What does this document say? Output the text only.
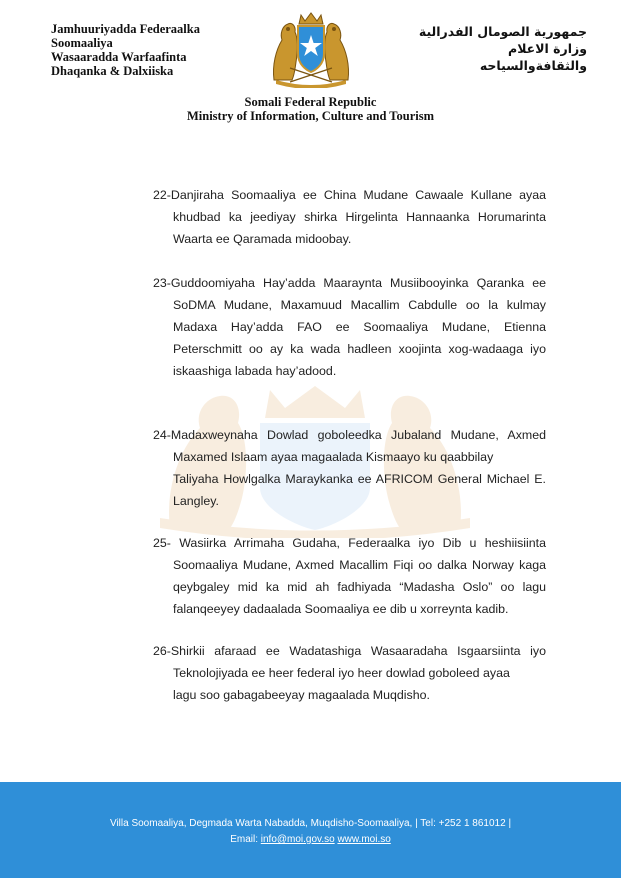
Jamhuuriyadda Federaalka
Soomaaliya
Wasaaradda Warfaafinta
Dhaqanka & Dalxiiska
جمهورية الصومال الفدرالية
وزارة الاعلام
والثقافةوالسياحه
Somali Federal Republic
Ministry of Information, Culture and Tourism
22-Danjiraha Soomaaliya ee China Mudane Cawaale Kullane ayaa
khudbad ka jeediyay shirka Hirgelinta Hannaanka Horumarinta
Waarta ee Qaramada midoobay.
23-Guddoomiyaha Hay’adda Maaraynta Musiibooyinka Qaranka ee
SoDMA Mudane, Maxamuud Macallim Cabdulle oo la kulmay
Madaxa Hay’adda FAO ee Soomaaliya Mudane, Etienna
Peterschmitt oo ay ka wada hadleen xoojinta xog-wadaaga iyo
iskaashiga labada hay’adood.
24-Madaxweynaha Dowlad goboleedka Jubaland Mudane, Axmed
Maxamed Islaam ayaa magaalada Kismaayo ku qaabbilay
Taliyaha Howlgalka Maraykanka ee AFRICOM General Michael E.
Langley.
25- Wasiirka Arrimaha Gudaha, Federaalka iyo Dib u heshiisiinta
Soomaaliya Mudane, Axmed Macallim Fiqi oo dalka Norway kaga
qeybgaley mid ka mid ah fadhiyada “Madasha Oslo” oo lagu
falanqeeyey dadaalada Soomaaliya ee dib u xorreynta kadib.
26-Shirkii afaraad ee Wadatashiga Wasaaradaha Isgaarsiinta iyo
Teknolojiyada ee heer federal iyo heer dowlad goboleed ayaa
lagu soo gabagabeeyay magaalada Muqdisho.
Villa Soomaaliya, Degmada Warta Nabadda, Muqdisho-Soomaaliya, | Tel: +252 1 861012 |
Email: info@moi.gov.so www.moi.so
